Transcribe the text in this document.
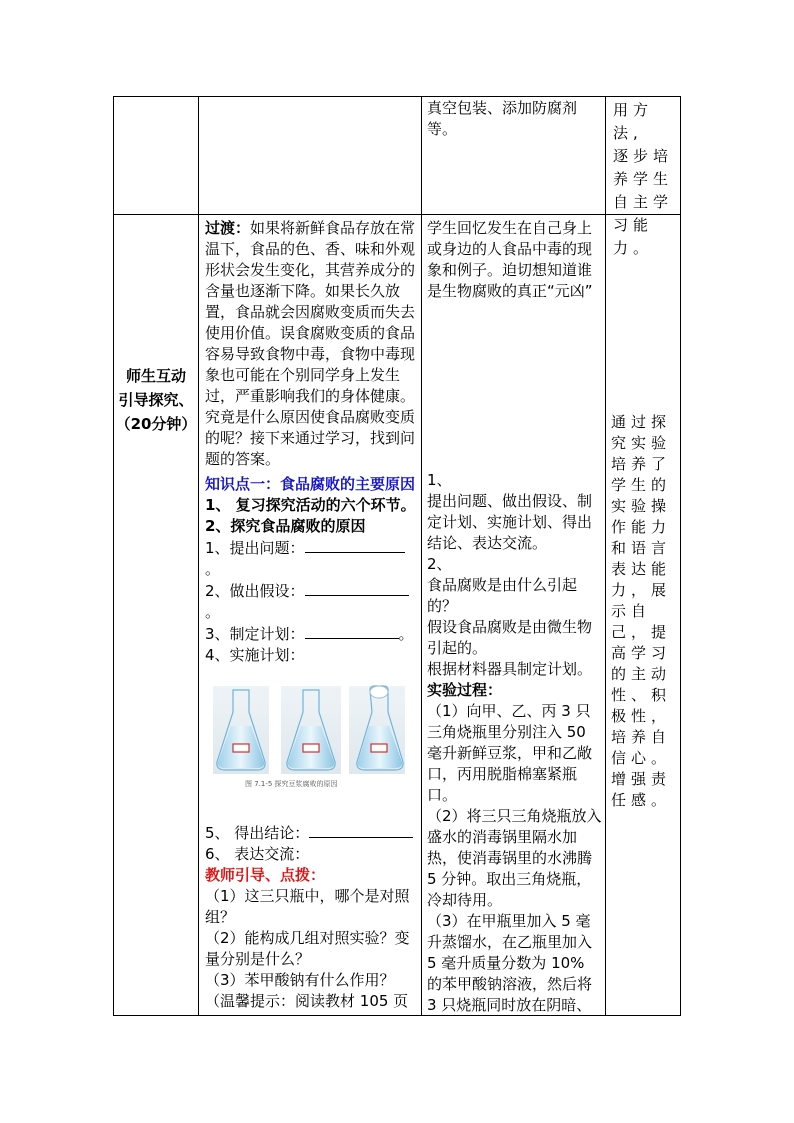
真空包装、添加防腐剂等。
用方法,
逐步培
养学生
自主学
习能力。
师生互动
引导探究、
（20分钟）
过渡：如果将新鲜食品存放在常温下，食品的色、香、味和外观形状会发生变化，其营养成分的含量也逐渐下降。如果长久放置，食品就会因腐败变质而失去使用价值。误食腐败变质的食品容易导致食物中毒，食物中毒现象也可能在个别同学身上发生过，严重影响我们的身体健康。究竟是什么原因使食品腐败变质的呢？接下来通过学习，找到问题的答案。
知识点一：食品腐败的主要原因
1、 复习探究活动的六个环节。
2、探究食品腐败的原因
1、提出问题：。
2、做出假设：。
3、制定计划：	。
4、实施计划：
图 7.1-5 探究豆浆腐败的原因
5、 得出结论：
6、 表达交流：
教师引导、点拨：
（1）这三只瓶中，哪个是对照组？
（2）能构成几组对照实验？变量分别是什么？
（3）苯甲酸钠有什么作用？
（温馨提示：阅读教材 105 页
学生回忆发生在自己身上或身边的人食品中毒的现象和例子。迫切想知道谁是生物腐败的真正“元凶”
1、
提出问题、做出假设、制定计划、实施计划、得出结论、表达交流。
2、
食品腐败是由什么引起的？
假设食品腐败是由微生物引起的。
根据材料器具制定计划。
实验过程：
（1）向甲、乙、丙 3 只三角烧瓶里分别注入 50 毫升新鲜豆浆，甲和乙敞口，丙用脱脂棉塞紧瓶口。
（2）将三只三角烧瓶放入盛水的消毒锅里隔水加热，使消毒锅里的水沸腾 5 分钟。取出三角烧瓶，冷却待用。
（3）在甲瓶里加入 5 毫升蒸馏水，在乙瓶里加入 5 毫升质量分数为 10% 的苯甲酸钠溶液，然后将 3 只烧瓶同时放在阴暗、
通过探究实验培养了学生的实验操作能力和语言表达能力，展示自己，提高学习的主动性、积极性，培养自信心。增强责任感。
